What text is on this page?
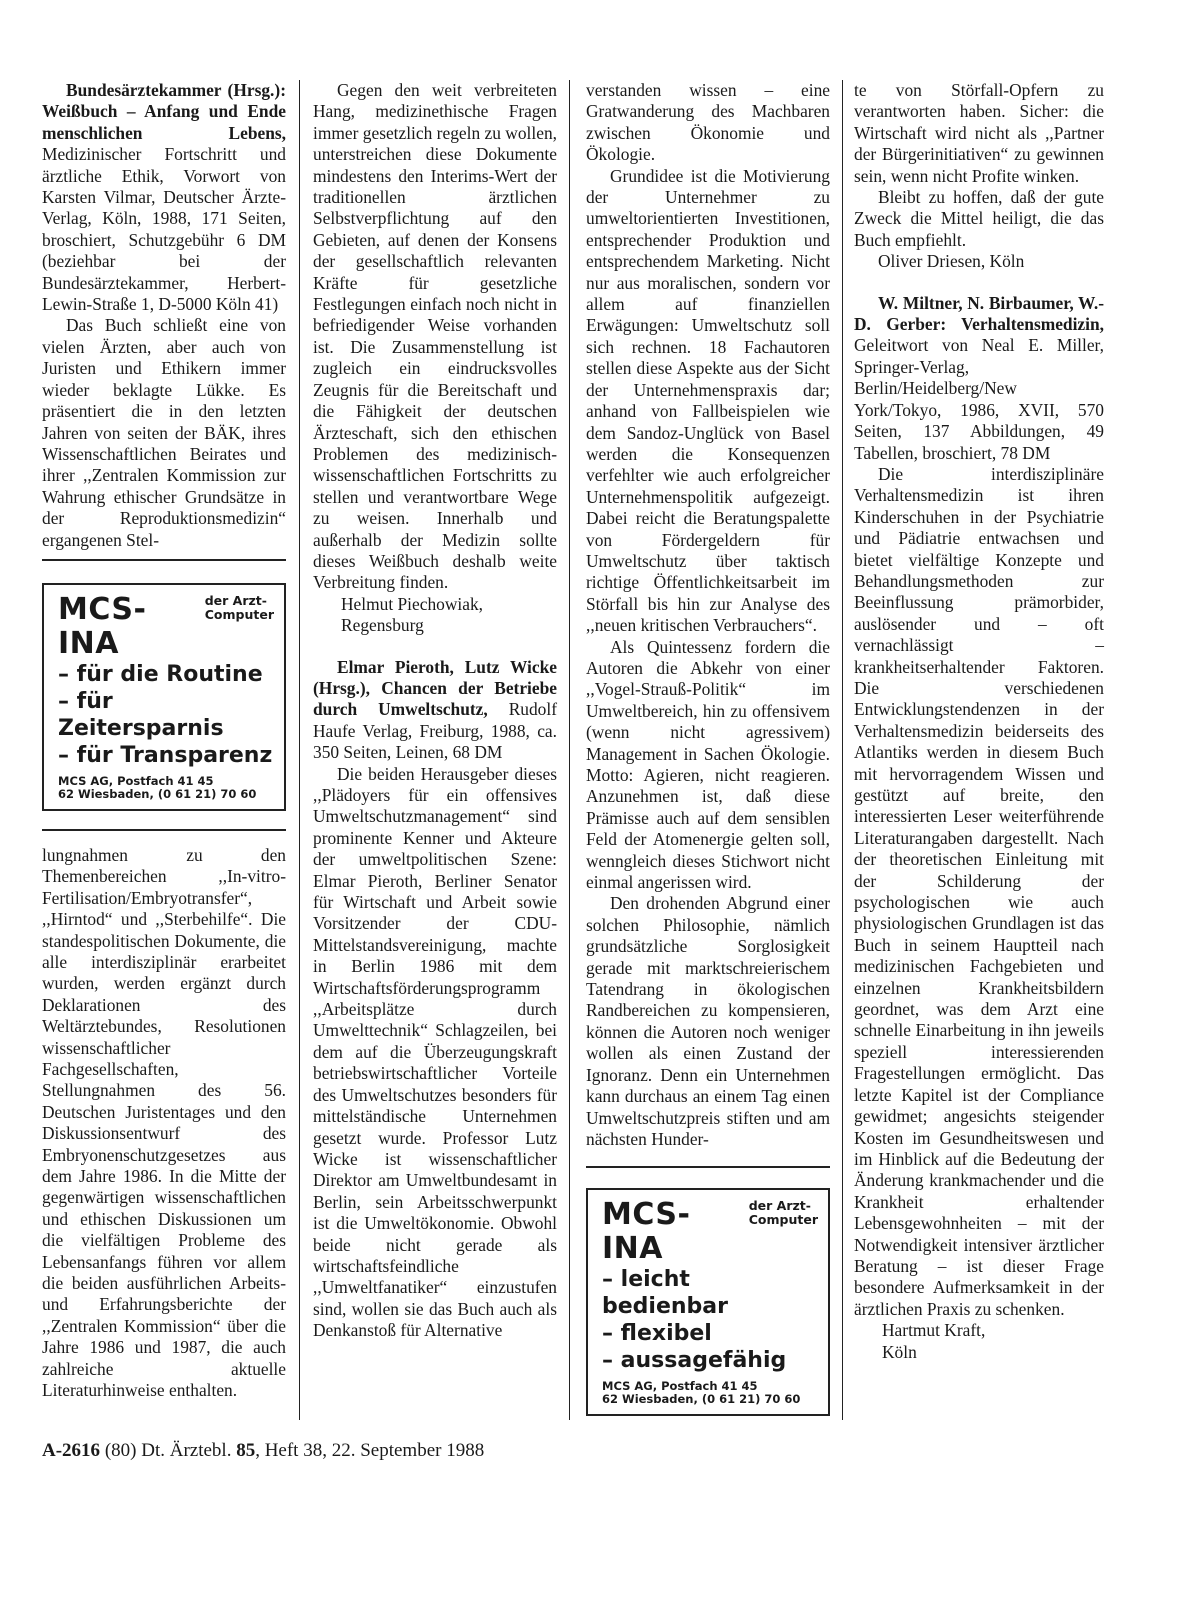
Bundesärztekammer (Hrsg.): Weißbuch – Anfang und Ende menschlichen Lebens, Medizinischer Fortschritt und ärztliche Ethik, Vorwort von Karsten Vilmar, Deutscher Ärzte-Verlag, Köln, 1988, 171 Seiten, broschiert, Schutzgebühr 6 DM (beziehbar bei der Bundesärztekammer, Herbert-Lewin-Straße 1, D-5000 Köln 41)

Das Buch schließt eine von vielen Ärzten, aber auch von Juristen und Ethikern immer wieder beklagte Lükke. Es präsentiert die in den letzten Jahren von seiten der BÄK, ihres Wissenschaftlichen Beirates und ihrer ,,Zentralen Kommission zur Wahrung ethischer Grundsätze in der Reproduktionsmedizin“ ergangenen Stel-

MCS-INA
der Arzt-
Computer
– für die Routine
– für Zeitersparnis
– für Transparenz
MCS AG, Postfach 41 45
62 Wiesbaden, (0 61 21) 70 60

lungnahmen zu den Themenbereichen ,,In-vitro-Fertilisation/Embryotransfer“, ,,Hirntod“ und ,,Sterbehilfe“. Die standespolitischen Dokumente, die alle interdisziplinär erarbeitet wurden, werden ergänzt durch Deklarationen des Weltärztebundes, Resolutionen wissenschaftlicher Fachgesellschaften, Stellungnahmen des 56. Deutschen Juristentages und den Diskussionsentwurf des Embryonenschutzgesetzes aus dem Jahre 1986. In die Mitte der gegenwärtigen wissenschaftlichen und ethischen Diskussionen um die vielfältigen Probleme des Lebensanfangs führen vor allem die beiden ausführlichen Arbeits- und Erfahrungsberichte der ,,Zentralen Kommission“ über die Jahre 1986 und 1987, die auch zahlreiche aktuelle Literaturhinweise enthalten.

Gegen den weit verbreiteten Hang, medizinethische Fragen immer gesetzlich regeln zu wollen, unterstreichen diese Dokumente mindestens den Interims-Wert der traditionellen ärztlichen Selbstverpflichtung auf den Gebieten, auf denen der Konsens der gesellschaftlich relevanten Kräfte für gesetzliche Festlegungen einfach noch nicht in befriedigender Weise vorhanden ist. Die Zusammenstellung ist zugleich ein eindrucksvolles Zeugnis für die Bereitschaft und die Fähigkeit der deutschen Ärzteschaft, sich den ethischen Problemen des medizinisch-wissenschaftlichen Fortschritts zu stellen und verantwortbare Wege zu weisen. Innerhalb und außerhalb der Medizin sollte dieses Weißbuch deshalb weite Verbreitung finden.

Helmut Piechowiak,

Regensburg

Elmar Pieroth, Lutz Wicke (Hrsg.), Chancen der Betriebe durch Umweltschutz, Rudolf Haufe Verlag, Freiburg, 1988, ca. 350 Seiten, Leinen, 68 DM

Die beiden Herausgeber dieses ,,Plädoyers für ein offensives Umweltschutzmanagement“ sind prominente Kenner und Akteure der umweltpolitischen Szene: Elmar Pieroth, Berliner Senator für Wirtschaft und Arbeit sowie Vorsitzender der CDU-Mittelstandsvereinigung, machte in Berlin 1986 mit dem Wirtschaftsförderungsprogramm ,,Arbeitsplätze durch Umwelttechnik“ Schlagzeilen, bei dem auf die Überzeugungskraft betriebswirtschaftlicher Vorteile des Umweltschutzes besonders für mittelständische Unternehmen gesetzt wurde. Professor Lutz Wicke ist wissenschaftlicher Direktor am Umweltbundesamt in Berlin, sein Arbeitsschwerpunkt ist die Umweltökonomie. Obwohl beide nicht gerade als wirtschaftsfeindliche ,,Umweltfanatiker“ einzustufen sind, wollen sie das Buch auch als Denkanstoß für Alternative

verstanden wissen – eine Gratwanderung des Machbaren zwischen Ökonomie und Ökologie.

Grundidee ist die Motivierung der Unternehmer zu umweltorientierten Investitionen, entsprechender Produktion und entsprechendem Marketing. Nicht nur aus moralischen, sondern vor allem auf finanziellen Erwägungen: Umweltschutz soll sich rechnen. 18 Fachautoren stellen diese Aspekte aus der Sicht der Unternehmenspraxis dar; anhand von Fallbeispielen wie dem Sandoz-Unglück von Basel werden die Konsequenzen verfehlter wie auch erfolgreicher Unternehmenspolitik aufgezeigt. Dabei reicht die Beratungspalette von Fördergeldern für Umweltschutz über taktisch richtige Öffentlichkeitsarbeit im Störfall bis hin zur Analyse des ,,neuen kritischen Verbrauchers“.

Als Quintessenz fordern die Autoren die Abkehr von einer ,,Vogel-Strauß-Politik“ im Umweltbereich, hin zu offensivem (wenn nicht agressivem) Management in Sachen Ökologie. Motto: Agieren, nicht reagieren. Anzunehmen ist, daß diese Prämisse auch auf dem sensiblen Feld der Atomenergie gelten soll, wenngleich dieses Stichwort nicht einmal angerissen wird.

Den drohenden Abgrund einer solchen Philosophie, nämlich grundsätzliche Sorglosigkeit gerade mit marktschreierischem Tatendrang in ökologischen Randbereichen zu kompensieren, können die Autoren noch weniger wollen als einen Zustand der Ignoranz. Denn ein Unternehmen kann durchaus an einem Tag einen Umweltschutzpreis stiften und am nächsten Hunder-

MCS-INA
der Arzt-
Computer
– leicht bedienbar
– flexibel
– aussagefähig
MCS AG, Postfach 41 45
62 Wiesbaden, (0 61 21) 70 60

te von Störfall-Opfern zu verantworten haben. Sicher: die Wirtschaft wird nicht als ,,Partner der Bürgerinitiativen“ zu gewinnen sein, wenn nicht Profite winken.

Bleibt zu hoffen, daß der gute Zweck die Mittel heiligt, die das Buch empfiehlt.

Oliver Driesen, Köln

W. Miltner, N. Birbaumer, W.-D. Gerber: Verhaltensmedizin, Geleitwort von Neal E. Miller, Springer-Verlag, Berlin/Heidelberg/New York/Tokyo, 1986, XVII, 570 Seiten, 137 Abbildungen, 49 Tabellen, broschiert, 78 DM

Die interdisziplinäre Verhaltensmedizin ist ihren Kinderschuhen in der Psychiatrie und Pädiatrie entwachsen und bietet vielfältige Konzepte und Behandlungsmethoden zur Beeinflussung prämorbider, auslösender und – oft vernachlässigt – krankheitserhaltender Faktoren. Die verschiedenen Entwicklungstendenzen in der Verhaltensmedizin beiderseits des Atlantiks werden in diesem Buch mit hervorragendem Wissen und gestützt auf breite, den interessierten Leser weiterführende Literaturangaben dargestellt. Nach der theoretischen Einleitung mit der Schilderung der psychologischen wie auch physiologischen Grundlagen ist das Buch in seinem Hauptteil nach medizinischen Fachgebieten und einzelnen Krankheitsbildern geordnet, was dem Arzt eine schnelle Einarbeitung in ihn jeweils speziell interessierenden Fragestellungen ermöglicht. Das letzte Kapitel ist der Compliance gewidmet; angesichts steigender Kosten im Gesundheitswesen und im Hinblick auf die Bedeutung der Änderung krankmachender und die Krankheit erhaltender Lebensgewohnheiten – mit der Notwendigkeit intensiver ärztlicher Beratung – ist dieser Frage besondere Aufmerksamkeit in der ärztlichen Praxis zu schenken.

Hartmut Kraft,

Köln

A-2616 (80) Dt. Ärztebl. 85, Heft 38, 22. September 1988
